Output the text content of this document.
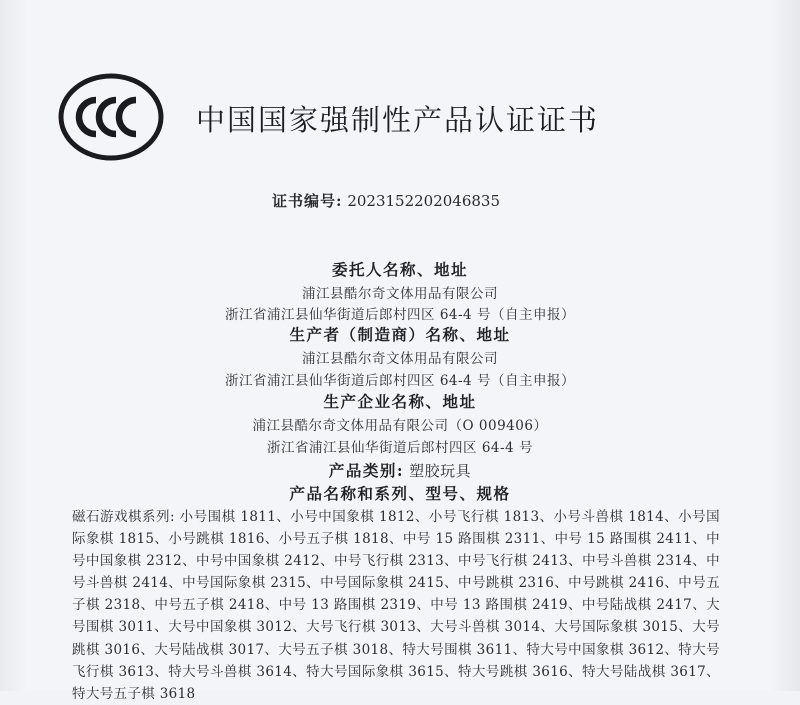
中国国家强制性产品认证证书
证书编号: 2023152202046835
委托人名称、地址
浦江县酷尔奇文体用品有限公司
浙江省浦江县仙华街道后郎村四区 64-4 号（自主申报）
生产者（制造商）名称、地址
浦江县酷尔奇文体用品有限公司
浙江省浦江县仙华街道后郎村四区 64-4 号（自主申报）
生产企业名称、地址
浦江县酷尔奇文体用品有限公司（O 009406）
浙江省浦江县仙华街道后郎村四区 64-4 号
产品类别: 塑胶玩具
产品名称和系列、型号、规格
磁石游戏棋系列: 小号围棋 1811、小号中国象棋 1812、小号飞行棋 1813、小号斗兽棋 1814、小号国际象棋 1815、小号跳棋 1816、小号五子棋 1818、中号 15 路围棋 2311、中号 15 路围棋 2411、中号中国象棋 2312、中号中国象棋 2412、中号飞行棋 2313、中号飞行棋 2413、中号斗兽棋 2314、中号斗兽棋 2414、中号国际象棋 2315、中号国际象棋 2415、中号跳棋 2316、中号跳棋 2416、中号五子棋 2318、中号五子棋 2418、中号 13 路围棋 2319、中号 13 路围棋 2419、中号陆战棋 2417、大号围棋 3011、大号中国象棋 3012、大号飞行棋 3013、大号斗兽棋 3014、大号国际象棋 3015、大号跳棋 3016、大号陆战棋 3017、大号五子棋 3018、特大号围棋 3611、特大号中国象棋 3612、特大号飞行棋 3613、特大号斗兽棋 3614、特大号国际象棋 3615、特大号跳棋 3616、特大号陆战棋 3617、特大号五子棋 3618
